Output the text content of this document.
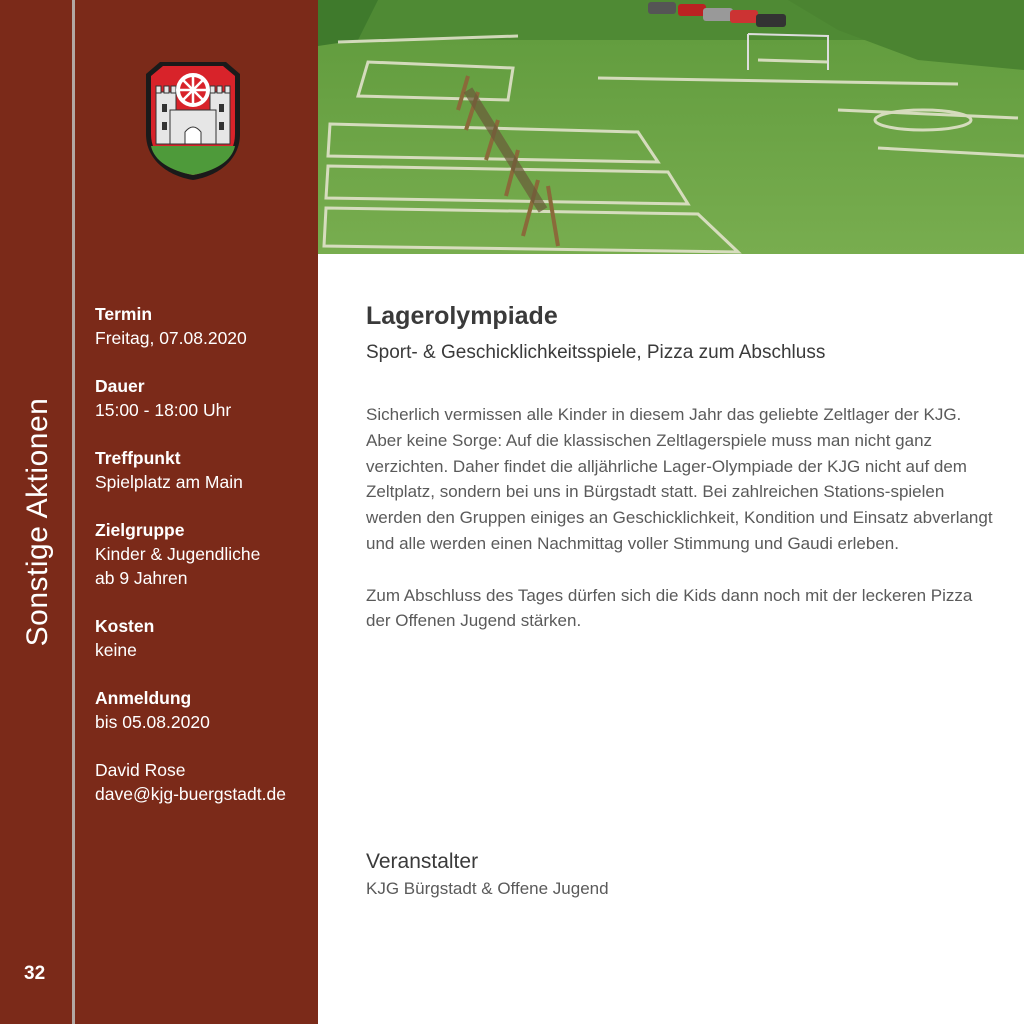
Sonstige Aktionen
32
Termin
Freitag, 07.08.2020
Dauer
15:00 - 18:00 Uhr
Treffpunkt
Spielplatz am Main
Zielgruppe
Kinder & Jugendliche
ab 9 Jahren
Kosten
keine
Anmeldung
bis 05.08.2020
David Rose
dave@kjg-buergstadt.de
Lagerolympiade
Sport- & Geschicklichkeitsspiele, Pizza zum Abschluss

Sicherlich vermissen alle Kinder in diesem Jahr das geliebte Zeltlager der KJG.

Aber keine Sorge: Auf die klassischen Zeltlagerspiele muss man nicht ganz verzichten. Daher findet die alljährliche Lager-Olympiade der KJG nicht auf dem Zeltplatz, sondern bei uns in Bürgstadt statt. Bei zahlreichen Stations-spielen werden den Gruppen einiges an Geschicklichkeit, Kondition und Einsatz abverlangt und alle werden einen Nachmittag voller Stimmung und Gaudi erleben.

Zum Abschluss des Tages dürfen sich die Kids dann noch mit der leckeren Pizza der Offenen Jugend stärken.

Veranstalter
KJG Bürgstadt & Offene Jugend
